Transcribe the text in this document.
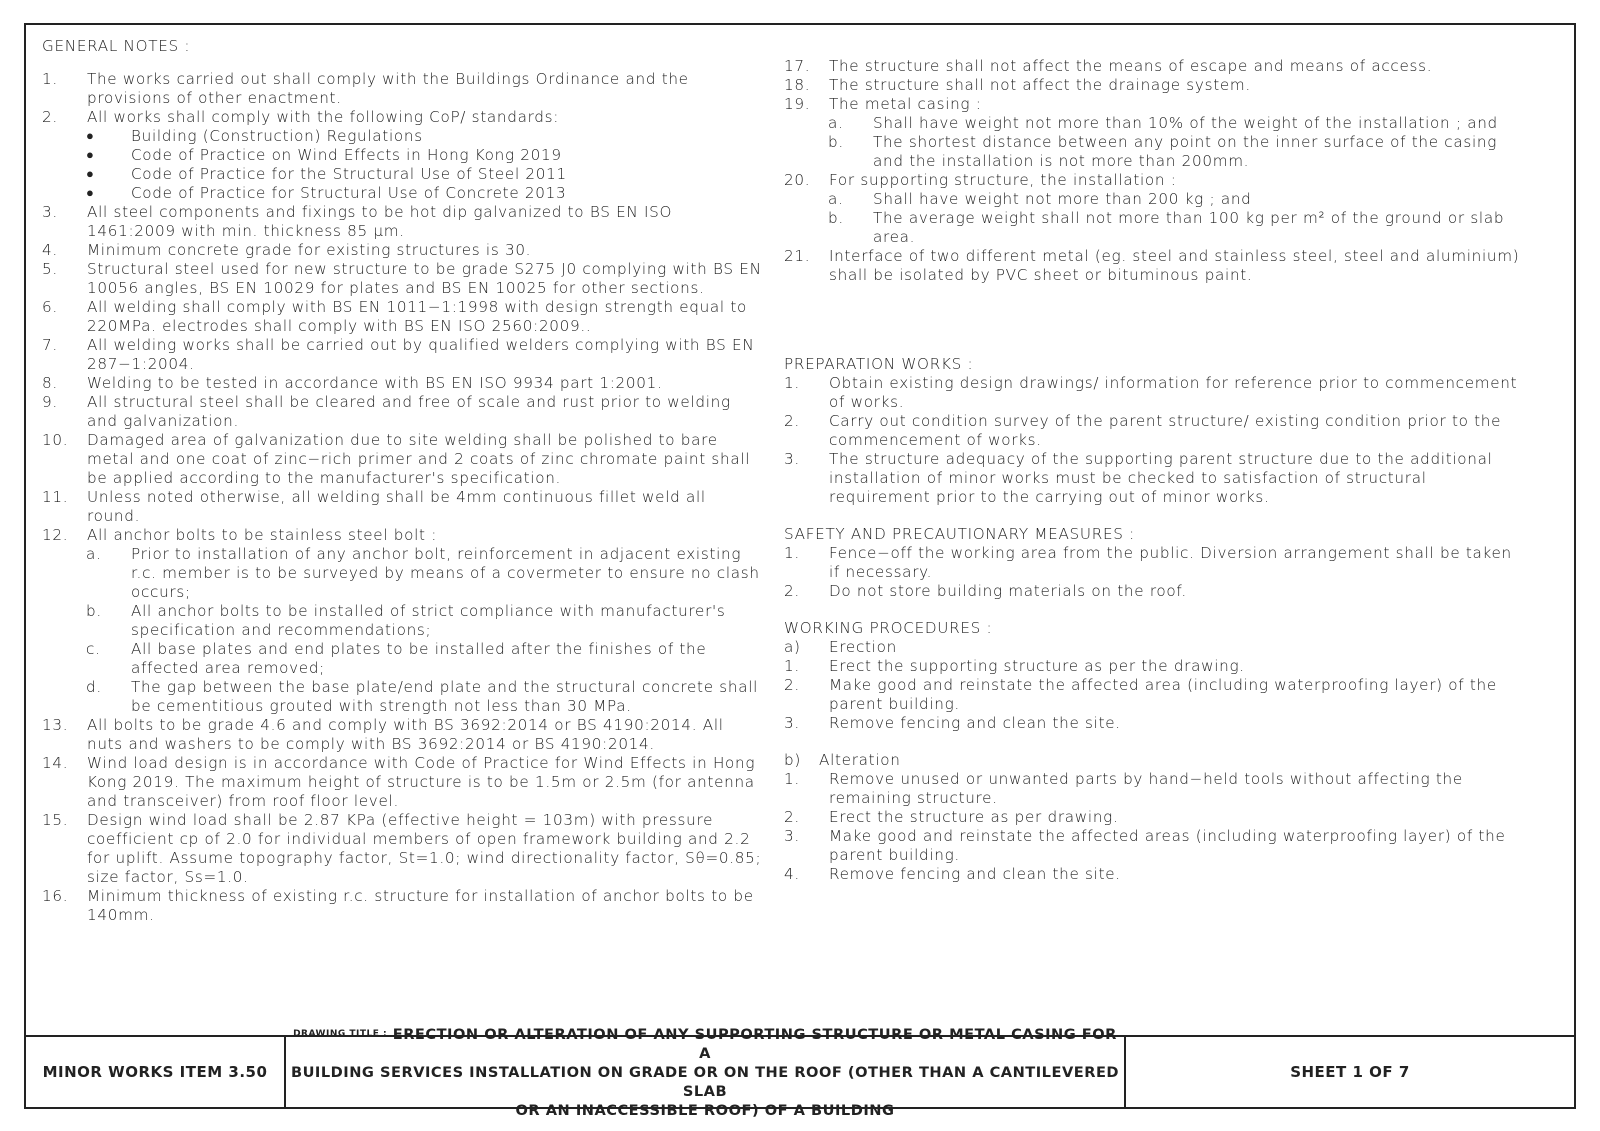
GENERAL NOTES :
1.	The works carried out shall comply with the Buildings Ordinance and the provisions of other enactment.
2.	All works shall comply with the following CoP/ standards:
●	Building (Construction) Regulations
●	Code of Practice on Wind Effects in Hong Kong 2019
●	Code of Practice for the Structural Use of Steel 2011
●	Code of Practice for Structural Use of Concrete 2013
3.	All steel components and fixings to be hot dip galvanized to BS EN ISO 1461:2009 with min. thickness 85 μm.
4.	Minimum concrete grade for existing structures is 30.
5.	Structural steel used for new structure to be grade S275 J0 complying with BS EN 10056 angles, BS EN 10029 for plates and BS EN 10025 for other sections.
6.	All welding shall comply with BS EN 1011−1:1998 with design strength equal to 220MPa. electrodes shall comply with BS EN ISO 2560:2009..
7.	All welding works shall be carried out by qualified welders complying with BS EN 287−1:2004.
8.	Welding to be tested in accordance with BS EN ISO 9934 part 1:2001.
9.	All structural steel shall be cleared and free of scale and rust prior to welding and galvanization.
10.	Damaged area of galvanization due to site welding shall be polished to bare metal and one coat of zinc−rich primer and 2 coats of zinc chromate paint shall be applied according to the manufacturer's specification.
11.	Unless noted otherwise, all welding shall be 4mm continuous fillet weld all round.
12.	All anchor bolts to be stainless steel bolt :
a.	Prior to installation of any anchor bolt, reinforcement in adjacent existing r.c. member is to be surveyed by means of a covermeter to ensure no clash occurs;
b.	All anchor bolts to be installed of strict compliance with manufacturer's specification and recommendations;
c.	All base plates and end plates to be installed after the finishes of the affected area removed;
d.	The gap between the base plate/end plate and the structural concrete shall be cementitious grouted with strength not less than 30 MPa.
13.	All bolts to be grade 4.6 and comply with BS 3692:2014 or BS 4190:2014. All nuts and washers to be comply with BS 3692:2014 or BS 4190:2014.
14.	Wind load design is in accordance with Code of Practice for Wind Effects in Hong Kong 2019. The maximum height of structure is to be 1.5m or 2.5m (for antenna and transceiver) from roof floor level.
15.	Design wind load shall be 2.87 KPa (effective height = 103m) with pressure coefficient cp of 2.0 for individual members of open framework building and 2.2 for uplift. Assume topography factor, St=1.0; wind directionality factor, Sθ=0.85; size factor, Ss=1.0.
16.	Minimum thickness of existing r.c. structure for installation of anchor bolts to be 140mm.
17.	The structure shall not affect the means of escape and means of access.
18.	The structure shall not affect the drainage system.
19.	The metal casing :
a.	Shall have weight not more than 10% of the weight of the installation ; and
b.	The shortest distance between any point on the inner surface of the casing and the installation is not more than 200mm.
20.	For supporting structure, the installation :
a.	Shall have weight not more than 200 kg ; and
b.	The average weight shall not more than 100 kg per m² of the ground or slab area.
21.	Interface of two different metal (eg. steel and stainless steel, steel and aluminium) shall be isolated by PVC sheet or bituminous paint.
PREPARATION WORKS :
1.	Obtain existing design drawings/ information for reference prior to commencement of works.
2.	Carry out condition survey of the parent structure/ existing condition prior to the commencement of works.
3.	The structure adequacy of the supporting parent structure due to the additional installation of minor works must be checked to satisfaction of structural requirement prior to the carrying out of minor works.
SAFETY AND PRECAUTIONARY MEASURES :
1.	Fence−off the working area from the public. Diversion arrangement shall be taken if necessary.
2.	Do not store building materials on the roof.
WORKING PROCEDURES :
a)	Erection
1.	Erect the supporting structure as per the drawing.
2.	Make good and reinstate the affected area (including waterproofing layer) of the parent building.
3.	Remove fencing and clean the site.
b)	Alteration
1.	Remove unused or unwanted parts by hand−held tools without affecting the remaining structure.
2.	Erect the structure as per drawing.
3.	Make good and reinstate the affected areas (including waterproofing layer) of the parent building.
4.	Remove fencing and clean the site.
MINOR WORKS ITEM 3.50
$^{DRAWING TITLE :}$ ERECTION OR ALTERATION OF ANY SUPPORTING STRUCTURE OR METAL CASING FOR A
BUILDING SERVICES INSTALLATION ON GRADE OR ON THE ROOF (OTHER THAN A CANTILEVERED SLAB
OR AN INACCESSIBLE ROOF) OF A BUILDING
SHEET 1 OF 7
